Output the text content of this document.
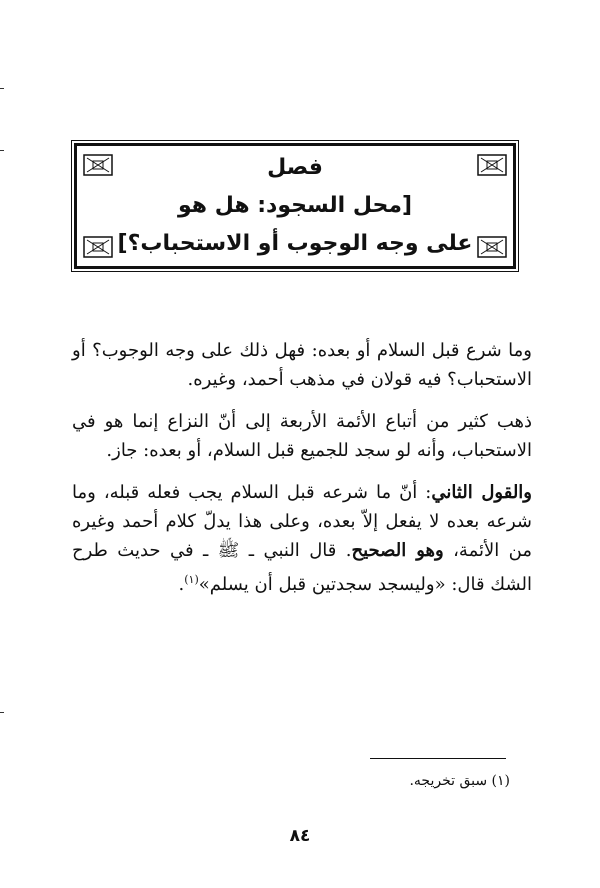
فصل
[محل السجود: هل هو
على وجه الوجوب أو الاستحباب؟]

وما شرع قبل السلام أو بعده: فهل ذلك على وجه الوجوب؟ أو الاستحباب؟ فيه قولان في مذهب أحمد، وغيره.

ذهب كثير من أتباع الأئمة الأربعة إلى أنّ النزاع إنما هو في الاستحباب، وأنه لو سجد للجميع قبل السلام، أو بعده: جاز.

والقول الثاني: أنّ ما شرعه قبل السلام يجب فعله قبله، وما شرعه بعده لا يفعل إلاّ بعده، وعلى هذا يدلّ كلام أحمد وغيره من الأئمة، وهو الصحيح. قال النبي ـ ﷺ ـ في حديث طرح الشك قال: «وليسجد سجدتين قبل أن يسلم»$^{(١)}$.

(١) سبق تخريجه.
٨٤
